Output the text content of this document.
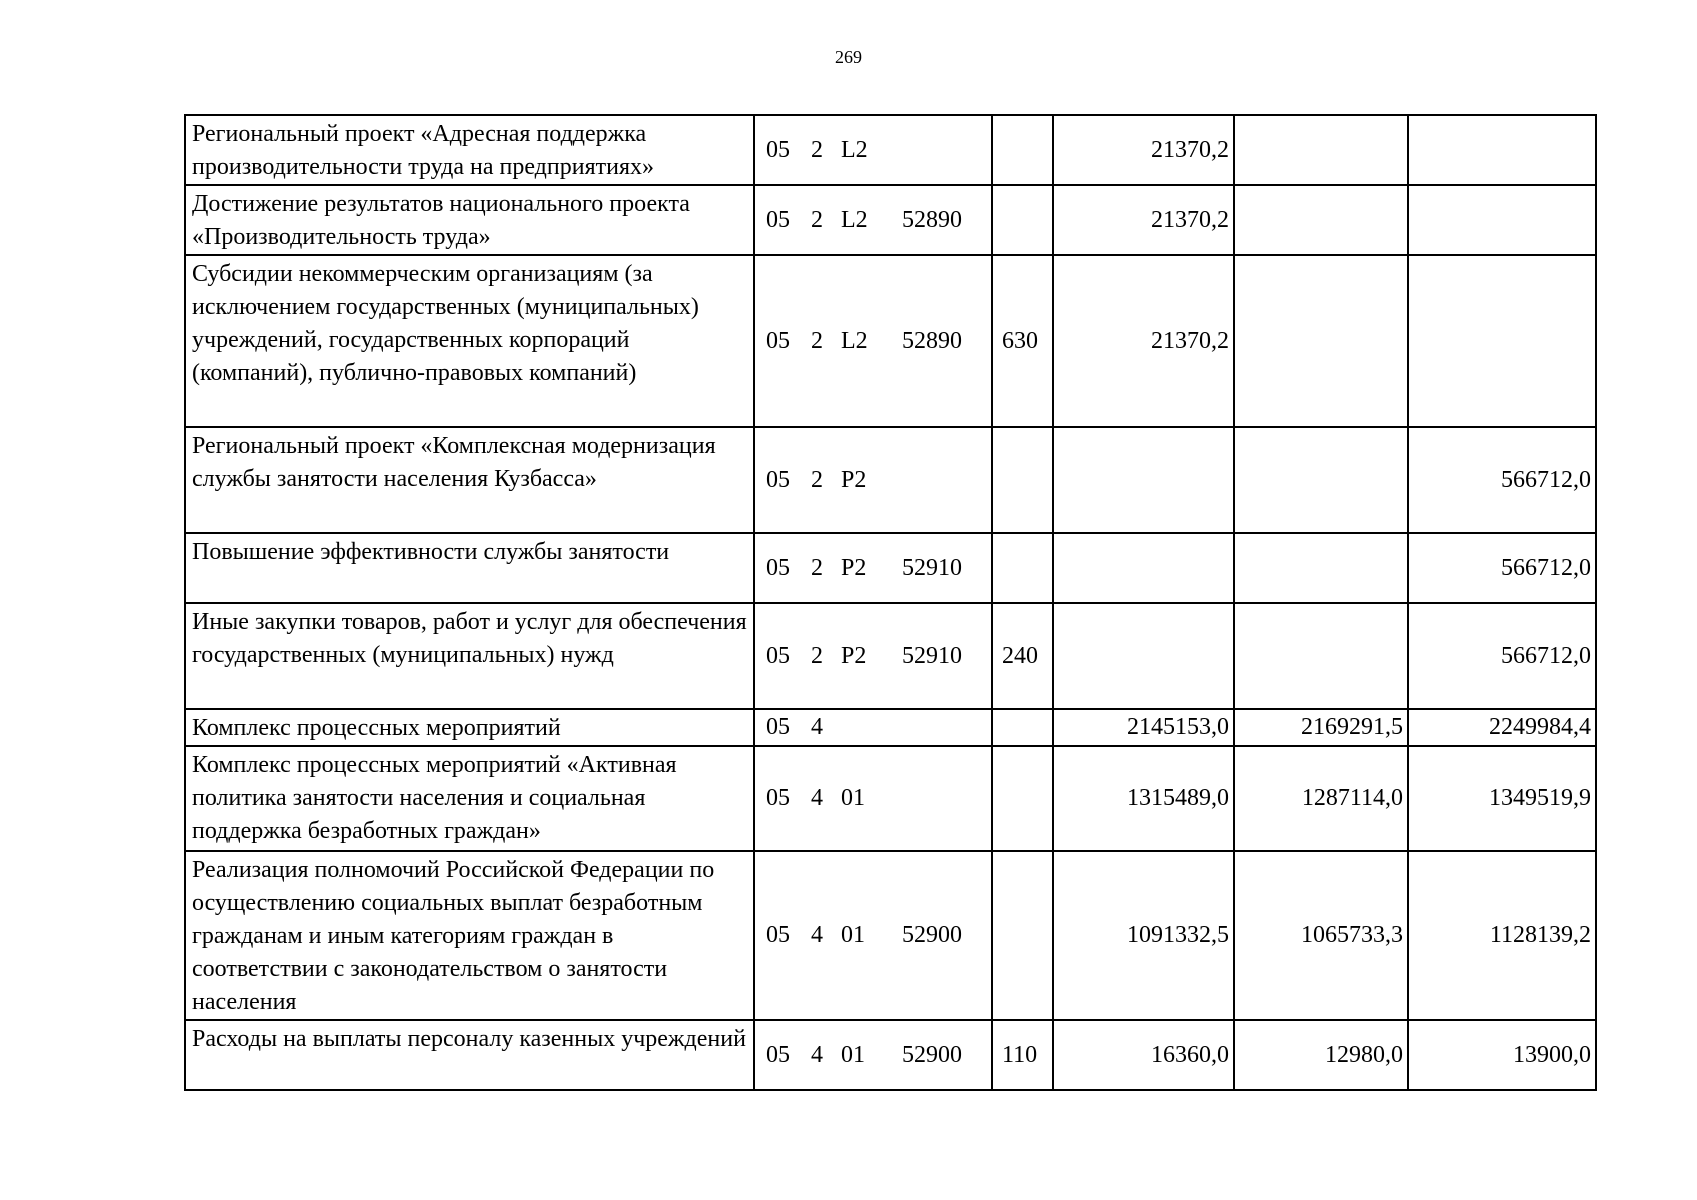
269
Региональный проект «Адресная поддержка производительности труда на предприятиях»	05 2 L2		21370,2		
Достижение результатов национального проекта «Производительность труда»	05 2 L2 52890		21370,2		
Субсидии некоммерческим организациям (за исключением государственных (муниципальных) учреждений, государственных корпораций (компаний), публично-правовых компаний)	05 2 L2 52890	630	21370,2		
Региональный проект «Комплексная модернизация службы занятости населения Кузбасса»	05 2 P2				566712,0
Повышение эффективности службы занятости	05 2 P2 52910				566712,0
Иные закупки товаров, работ и услуг для обеспечения государственных (муниципальных) нужд	05 2 P2 52910	240			566712,0
Комплекс процессных мероприятий	05 4		2145153,0	2169291,5	2249984,4
Комплекс процессных мероприятий «Активная политика занятости населения и социальная поддержка безработных граждан»	05 4 01		1315489,0	1287114,0	1349519,9
Реализация полномочий Российской Федерации по осуществлению социальных выплат безработным гражданам и иным категориям граждан в соответствии с законодательством о занятости населения	05 4 01 52900		1091332,5	1065733,3	1128139,2
Расходы на выплаты персоналу казенных учреждений	05 4 01 52900	110	16360,0	12980,0	13900,0
